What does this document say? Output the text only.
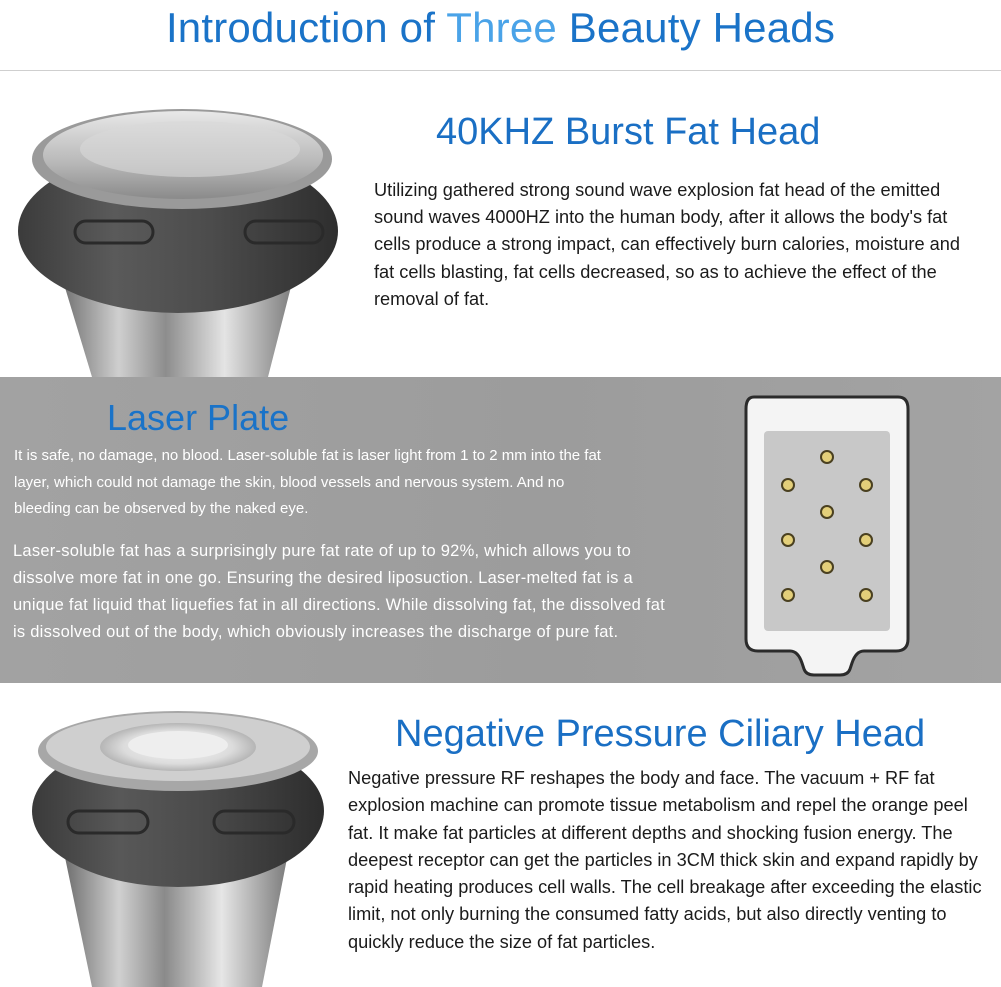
Introduction of Three Beauty Heads
40KHZ Burst Fat Head
Utilizing gathered strong sound wave explosion fat head of the emitted sound waves 4000HZ into the human body, after it allows the body's fat cells produce a strong impact, can effectively burn calories, moisture and fat cells blasting, fat cells decreased, so as to achieve the effect of the removal of fat.
Laser Plate
It is safe, no damage, no blood. Laser-soluble fat is laser light from 1 to 2 mm into the fat layer, which could not damage the skin, blood vessels and nervous system. And no bleeding can be observed by the naked eye.
Laser-soluble fat has a surprisingly pure fat rate of up to 92%, which allows you to dissolve more fat in one go. Ensuring the desired liposuction. Laser-melted fat is a unique fat liquid that liquefies fat in all directions. While dissolving fat, the dissolved fat is dissolved out of the body, which obviously increases the discharge of pure fat.
Negative Pressure Ciliary Head
Negative pressure RF reshapes the body and face. The vacuum + RF fat explosion machine can promote tissue metabolism and repel the orange peel fat. It make fat particles at different depths and shocking fusion energy. The deepest receptor can get the particles in 3CM thick skin and expand rapidly by rapid heating produces cell walls. The cell breakage after exceeding the elastic limit, not only burning the consumed fatty acids, but also directly venting to quickly reduce the size of fat particles.
